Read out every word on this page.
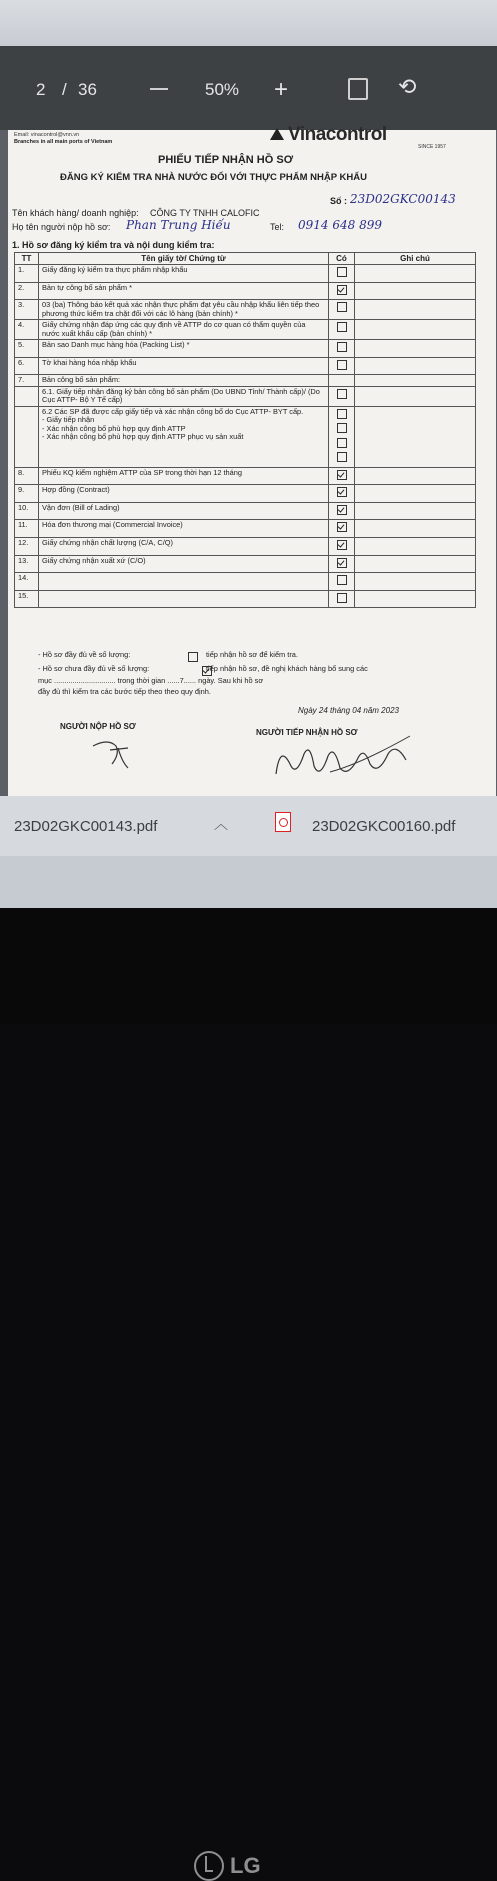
2 / 36	50% +	⟲
Email: vinacontrol@vnn.vn
Branches in all main ports of Vietnam	Vinacontrol
SINCE 1957
PHIẾU TIẾP NHẬN HỒ SƠ
ĐĂNG KÝ KIỂM TRA NHÀ NƯỚC ĐỐI VỚI THỰC PHẨM NHẬP KHẨU
Số : 23D02GKC00143
Tên khách hàng/ doanh nghiệp: CÔNG TY TNHH CALOFIC
Họ tên người nộp hồ sơ: Phan Trung Hiếu	Tel: 0914 648 899
1. Hồ sơ đăng ký kiểm tra và nội dung kiểm tra:
TT	Tên giấy tờ/ Chứng từ	Có	Ghi chú
1.	Giấy đăng ký kiểm tra thực phẩm nhập khẩu		
2.	Bản tự công bố sản phẩm *		
3.	03 (ba) Thông báo kết quả xác nhận thực phẩm đạt yêu cầu nhập khẩu liên tiếp theo phương thức kiểm tra chặt đối với các lô hàng (bản chính) *		
4.	Giấy chứng nhận đáp ứng các quy định về ATTP do cơ quan có thẩm quyền của nước xuất khẩu cấp (bản chính) *		
5.	Bản sao Danh mục hàng hóa (Packing List) *		
6.	Tờ khai hàng hóa nhập khẩu		
7.	Bản công bố sản phẩm:		
	6.1. Giấy tiếp nhận đăng ký bản công bố sản phẩm (Do UBND Tỉnh/ Thành cấp)/ (Do Cục ATTP- Bộ Y Tế cấp)		
	6.2 Các SP đã được cấp giấy tiếp và xác nhận công bố do Cục ATTP- BYT cấp.
- Giấy tiếp nhận
- Xác nhận công bố phù hợp quy định ATTP
- Xác nhận công bố phù hợp quy định ATTP phục vụ sản xuất		

8.	Phiếu KQ kiểm nghiệm ATTP của SP trong thời hạn 12 tháng		
9.	Hợp đồng (Contract)		
10.	Vận đơn (Bill of Lading)		
11.	Hóa đơn thương mại (Commercial Invoice)		
12.	Giấy chứng nhận chất lượng (C/A, C/Q)		
13.	Giấy chứng nhận xuất xứ (C/O)		
14.			
15.			
- Hồ sơ đầy đủ về số lượng:
	tiếp nhận hồ sơ để kiểm tra.
- Hồ sơ chưa đầy đủ về số lượng:	tiếp nhận hồ sơ, đề nghị khách hàng bổ sung các
mục .............................. trong thời gian ......7...... ngày. Sau khi hồ sơ
đầy đủ thì kiểm tra các bước tiếp theo theo quy định.
Ngày 24 tháng 04 năm 2023
NGƯỜI NỘP HỒ SƠ
NGƯỜI TIẾP NHẬN HỒ SƠ
23D02GKC00143.pdf	︿	23D02GKC00160.pdf
LG
